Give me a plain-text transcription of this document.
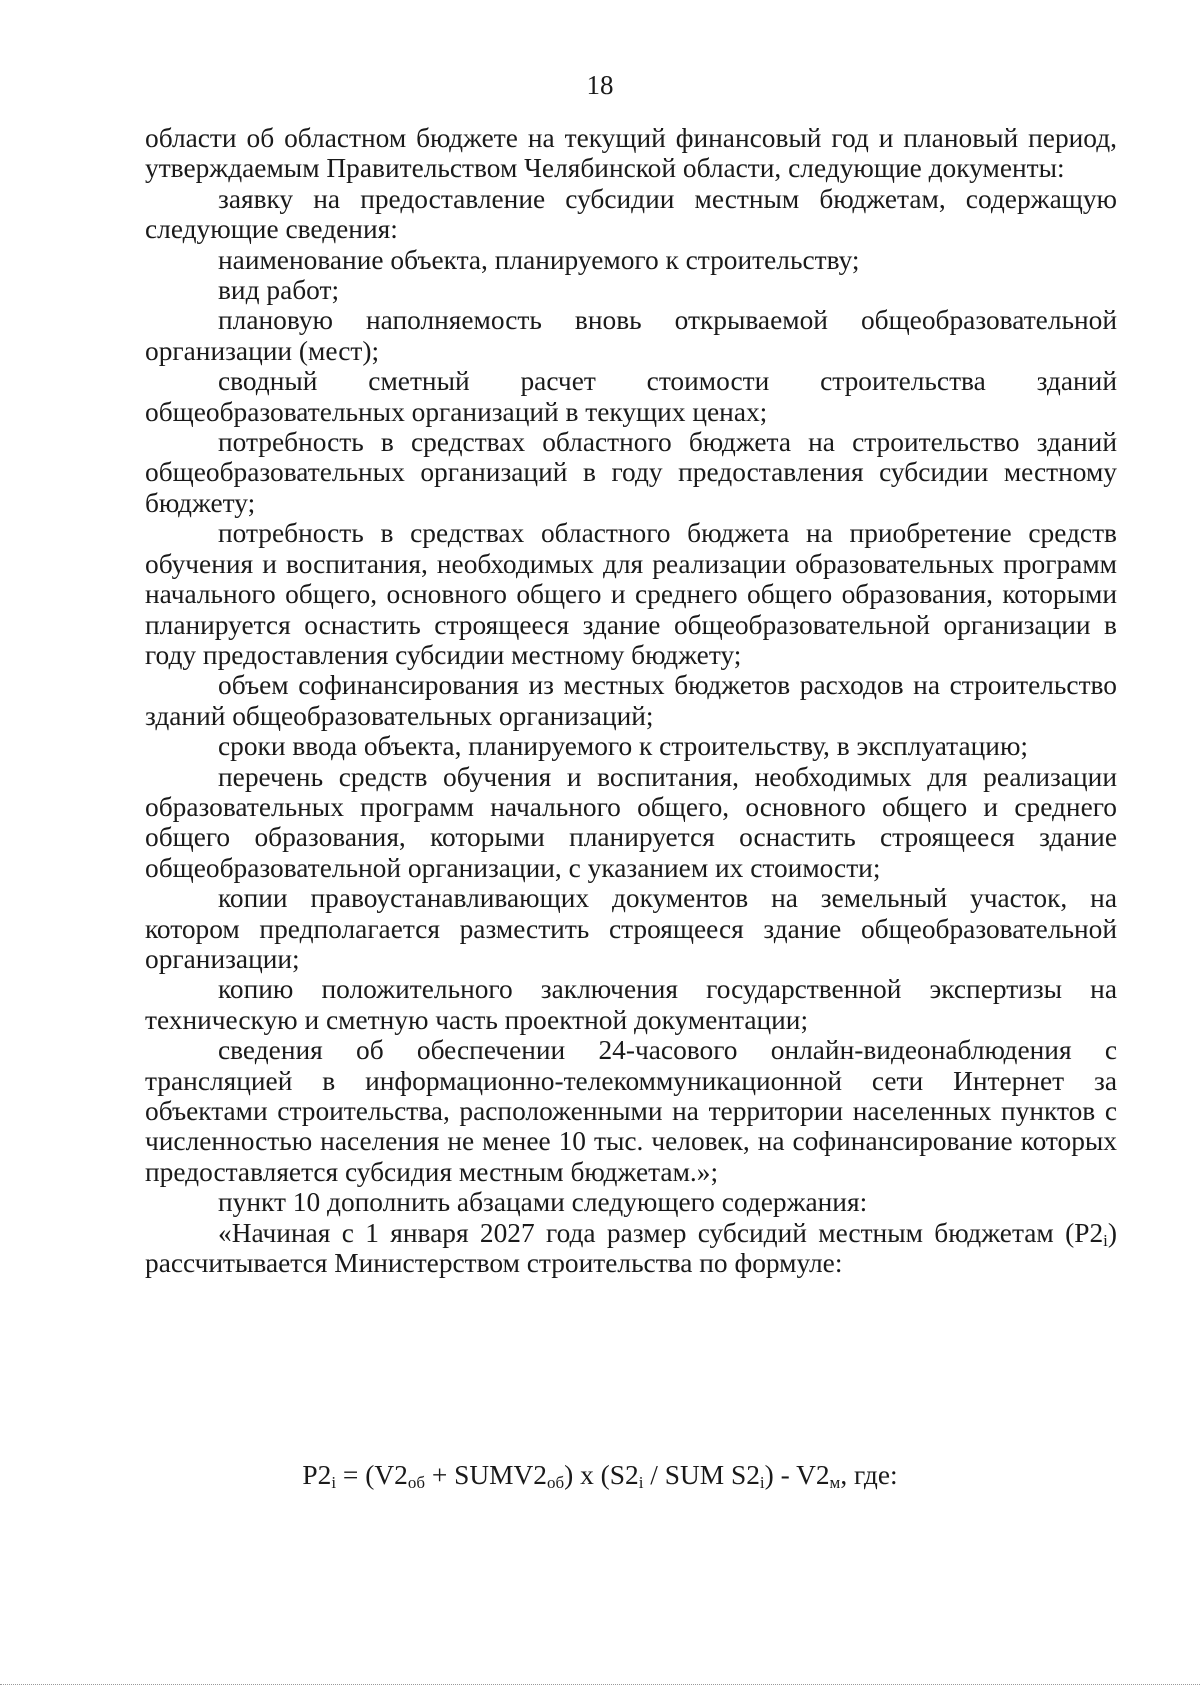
18

области об областном бюджете на текущий финансовый год и плановый период, утверждаемым Правительством Челябинской области, следующие документы:

заявку на предоставление субсидии местным бюджетам, содержащую следующие сведения:

наименование объекта, планируемого к строительству;

вид работ;

плановую наполняемость вновь открываемой общеобразовательной организации (мест);

сводный сметный расчет стоимости строительства зданий общеобразовательных организаций в текущих ценах;

потребность в средствах областного бюджета на строительство зданий общеобразовательных организаций в году предоставления субсидии местному бюджету;

потребность в средствах областного бюджета на приобретение средств обучения и воспитания, необходимых для реализации образовательных программ начального общего, основного общего и среднего общего образования, которыми планируется оснастить строящееся здание общеобразовательной организации в году предоставления субсидии местному бюджету;

объем софинансирования из местных бюджетов расходов на строительство зданий общеобразовательных организаций;

сроки ввода объекта, планируемого к строительству, в эксплуатацию;

перечень средств обучения и воспитания, необходимых для реализации образовательных программ начального общего, основного общего и среднего общего образования, которыми планируется оснастить строящееся здание общеобразовательной организации, с указанием их стоимости;

копии правоустанавливающих документов на земельный участок, на котором предполагается разместить строящееся здание общеобразовательной организации;

копию положительного заключения государственной экспертизы на техническую и сметную часть проектной документации;

сведения об обеспечении 24-часового онлайн-видеонаблюдения с трансляцией в информационно-телекоммуникационной сети Интернет за объектами строительства, расположенными на территории населенных пунктов с численностью населения не менее 10 тыс. человек, на софинансирование которых предоставляется субсидия местным бюджетам.»;

пункт 10 дополнить абзацами следующего содержания:

«Начиная с 1 января 2027 года размер субсидий местным бюджетам $(P2_i)$ рассчитывается Министерством строительства по формуле:

$P2_i = (V2_{об}$ + $SUMV2_{об}$) x ($S2_i$ / SUM $S2_i) - V2_м$, где:
